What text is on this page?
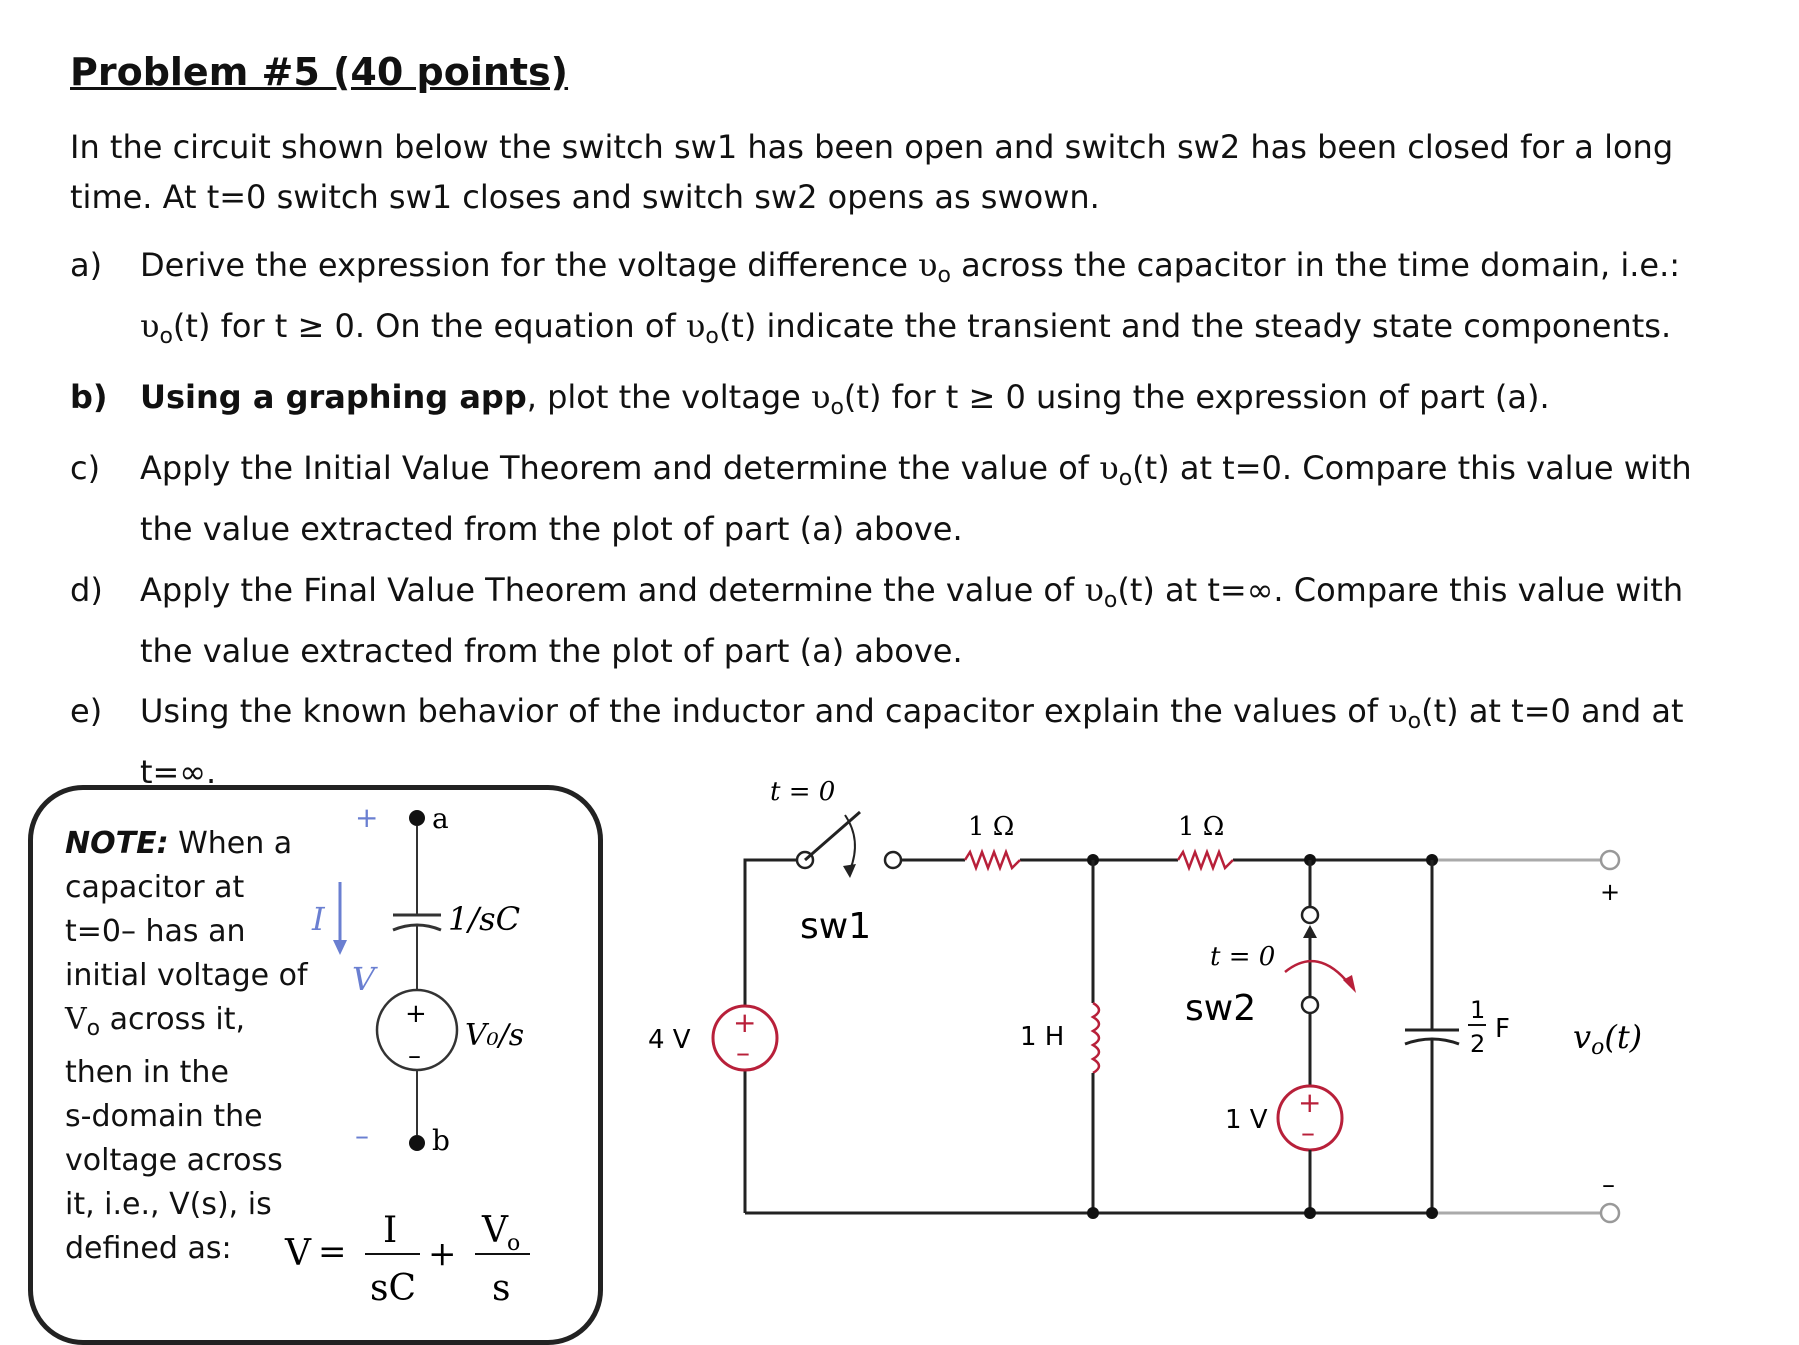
Problem #5 (40 points)
In the circuit shown below the switch sw1 has been open and switch sw2 has been closed for a long
time. At t=0 switch sw1 closes and switch sw2 opens as swown.
a) Derive the expression for the voltage difference $\upsilon_o$ across the capacitor in the time domain, i.e.:
$\upsilon_o(t)$ for t ≥ 0. On the equation of $\upsilon_o(t)$ indicate the transient and the steady state components.
b) Using a graphing app, plot the voltage $\upsilon_o(t)$ for t ≥ 0 using the expression of part (a).
c) Apply the Initial Value Theorem and determine the value of $\upsilon_o(t)$ at t=0. Compare this value with
the value extracted from the plot of part (a) above.
d) Apply the Final Value Theorem and determine the value of $\upsilon_o(t)$ at t=∞. Compare this value with
the value extracted from the plot of part (a) above.
e) Using the known behavior of the inductor and capacitor explain the values of $\upsilon_o(t)$ at t=0 and at
t=∞.
NOTE: When a
capacitor at
t=0– has an
initial voltage of
$V_o$ across it,
then in the
s-domain the
voltage across
it, i.e., V(s), is
defined as:
+ a
1/sC
I
V
+
–
V₀/s
– b
V =
I
sC
+
V o
s
t = 0
sw1
1 Ω
1 H
1 Ω
t = 0
sw2
+
–
1 V
1
2 F
+
–
4 V
+
–
vo(t)
